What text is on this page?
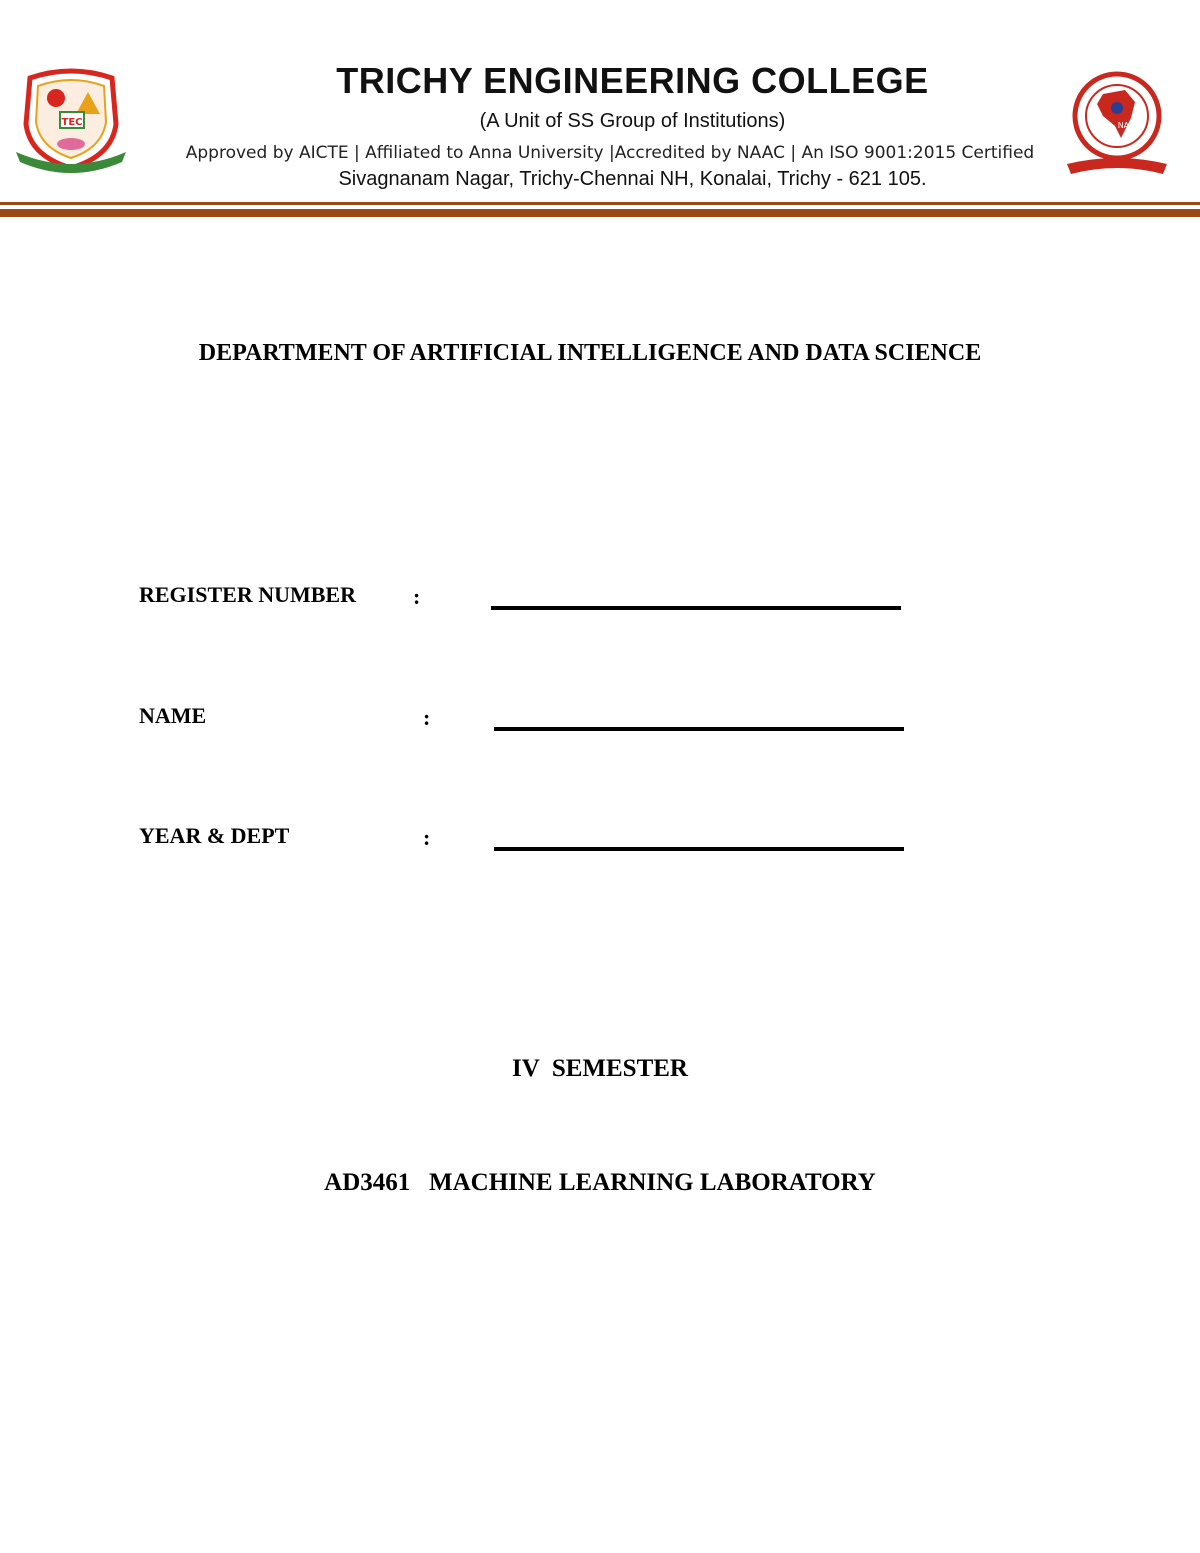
TEC
TRICHY ENGINEERING COLLEGE
(A Unit of SS Group of Institutions)
Approved by AICTE | Affiliated to Anna University |Accredited by NAAC | An ISO 9001:2015 Certified
Sivagnanam Nagar, Trichy-Chennai NH, Konalai, Trichy - 621 105.
NAAC
DEPARTMENT OF ARTIFICIAL INTELLIGENCE AND DATA SCIENCE
REGISTER NUMBER	:
NAME	:
YEAR & DEPT	:
IV  SEMESTER
AD3461   MACHINE LEARNING LABORATORY
